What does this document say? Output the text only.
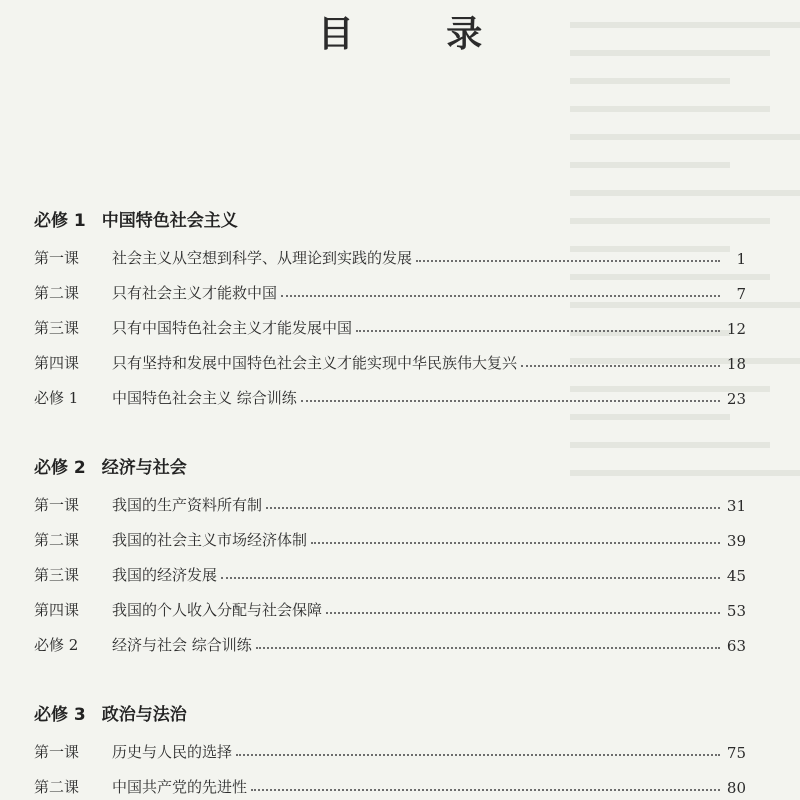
目 录
必修 1 中国特色社会主义
第一课	社会主义从空想到科学、从理论到实践的发展	1
第二课	只有社会主义才能救中国	7
第三课	只有中国特色社会主义才能发展中国	12
第四课	只有坚持和发展中国特色社会主义才能实现中华民族伟大复兴	18
必修 1	中国特色社会主义 综合训练	23
必修 2 经济与社会
第一课	我国的生产资料所有制	31
第二课	我国的社会主义市场经济体制	39
第三课	我国的经济发展	45
第四课	我国的个人收入分配与社会保障	53
必修 2	经济与社会 综合训练	63
必修 3 政治与法治
第一课	历史与人民的选择	75
第二课	中国共产党的先进性	80
